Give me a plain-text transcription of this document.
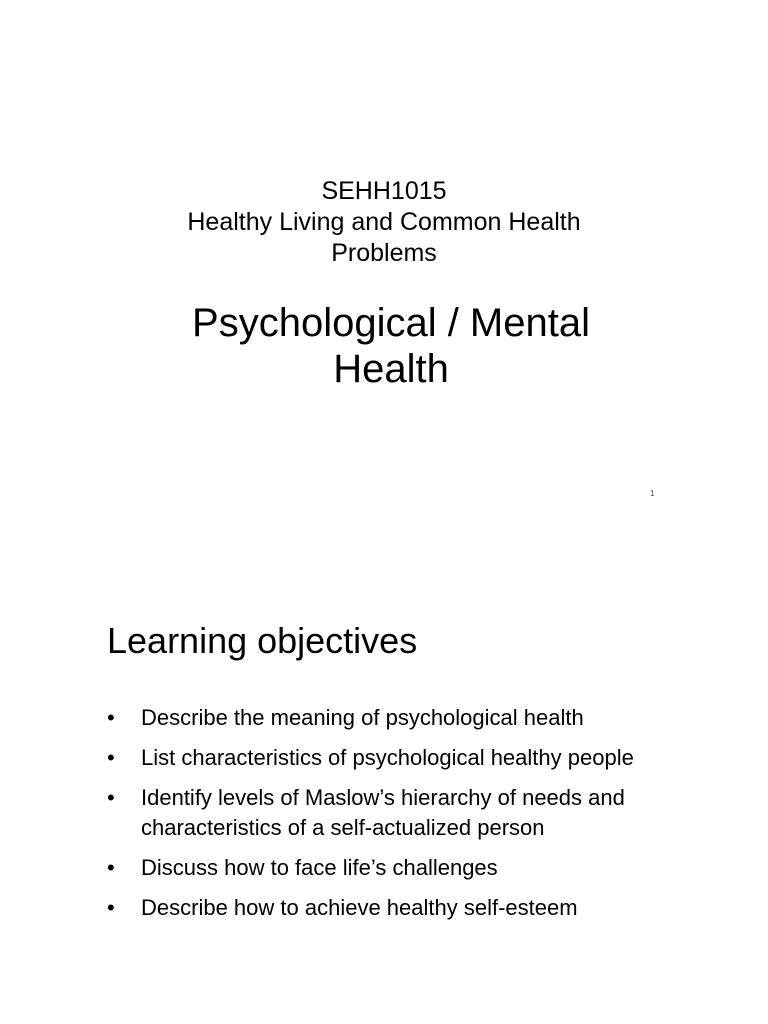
SEHH1015
Healthy Living and Common Health
Problems
Psychological / Mental
Health
1
Learning objectives
• Describe the meaning of psychological health
• List characteristics of psychological healthy people
• Identify levels of Maslow’s hierarchy of needs and characteristics of a self-actualized person
• Discuss how to face life’s challenges
• Describe how to achieve healthy self-esteem
